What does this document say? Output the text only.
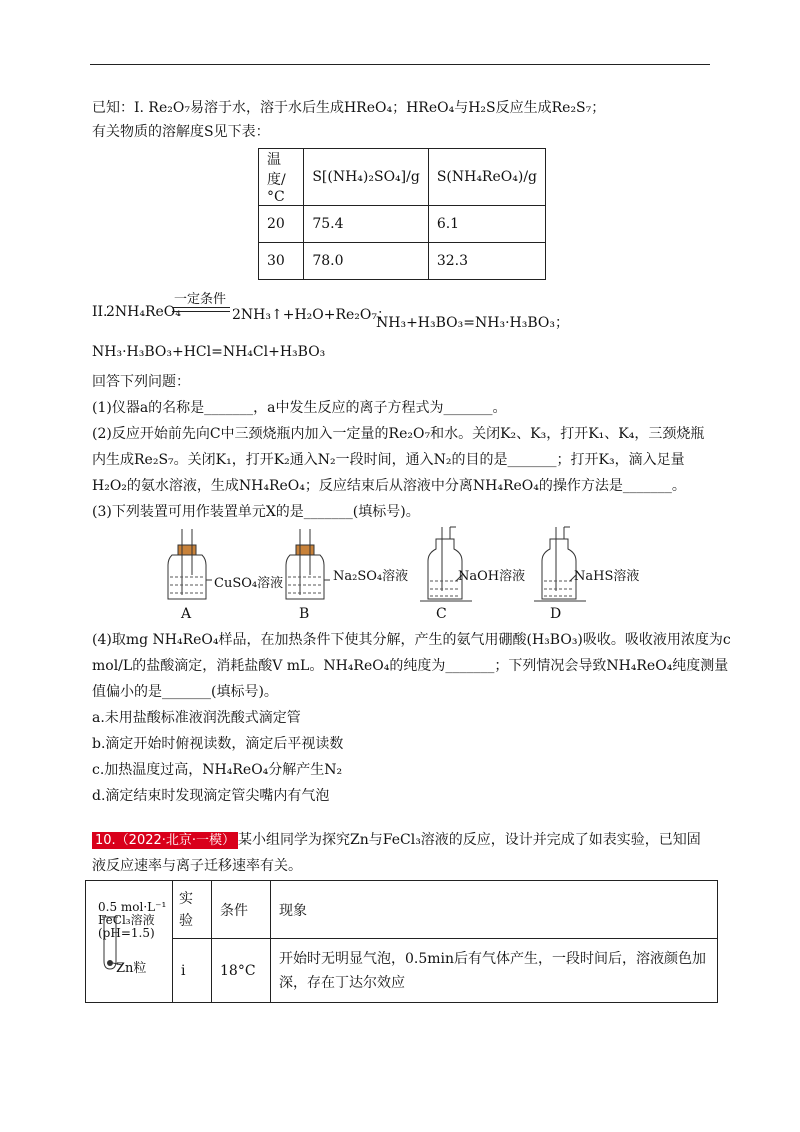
已知：Ⅰ. Re₂O₇易溶于水，溶于水后生成HReO₄；HReO₄与H₂S反应生成Re₂S₇；
有关物质的溶解度S见下表：
温度/°C	S[(NH₄)₂SO₄]/g	S(NH₄ReO₄)/g
20	75.4	6.1
30	78.0	32.3
II.
2NH₄ReO₄
一定条件
2NH₃↑+H₂O+Re₂O₇；
NH₃+H₃BO₃=NH₃·H₃BO₃；
NH₃·H₃BO₃+HCl=NH₄Cl+H₃BO₃
回答下列问题：
(1)仪器a的名称是_______，a中发生反应的离子方程式为_______。
(2)反应开始前先向C中三颈烧瓶内加入一定量的Re₂O₇和水。关闭K₂、K₃，打开K₁、K₄，三颈烧瓶
内生成Re₂S₇。关闭K₁，打开K₂通入N₂一段时间，通入N₂的目的是_______；打开K₃，滴入足量
H₂O₂的氨水溶液，生成NH₄ReO₄；反应结束后从溶液中分离NH₄ReO₄的操作方法是_______。
(3)下列装置可用作装置单元X的是_______(填标号)。
CuSO₄溶液	Na₂SO₄溶液	NaOH溶液	NaHS溶液
A	B	C	D
(4)取mg NH₄ReO₄样品，在加热条件下使其分解，产生的氨气用硼酸(H₃BO₃)吸收。吸收液用浓度为c
mol/L的盐酸滴定，消耗盐酸V mL。NH₄ReO₄的纯度为_______；下列情况会导致NH₄ReO₄纯度测量
值偏小的是_______(填标号)。
a.未用盐酸标准液润洗酸式滴定管
b.滴定开始时俯视读数，滴定后平视读数
c.加热温度过高，NH₄ReO₄分解产生N₂
d.滴定结束时发现滴定管尖嘴内有气泡
10.（2022·北京·一模） 某小组同学为探究Zn与FeCl₃溶液的反应，设计并完成了如表实验，已知固
液反应速率与离子迁移速率有关。
0.5 mol·L⁻¹
FeCl₃溶液
(pH=1.5)
Zn粒	实验	条件	现象
	i	18°C	开始时无明显气泡，0.5min后有气体产生，一段时间后，溶液颜色加深，存在丁达尔效应
